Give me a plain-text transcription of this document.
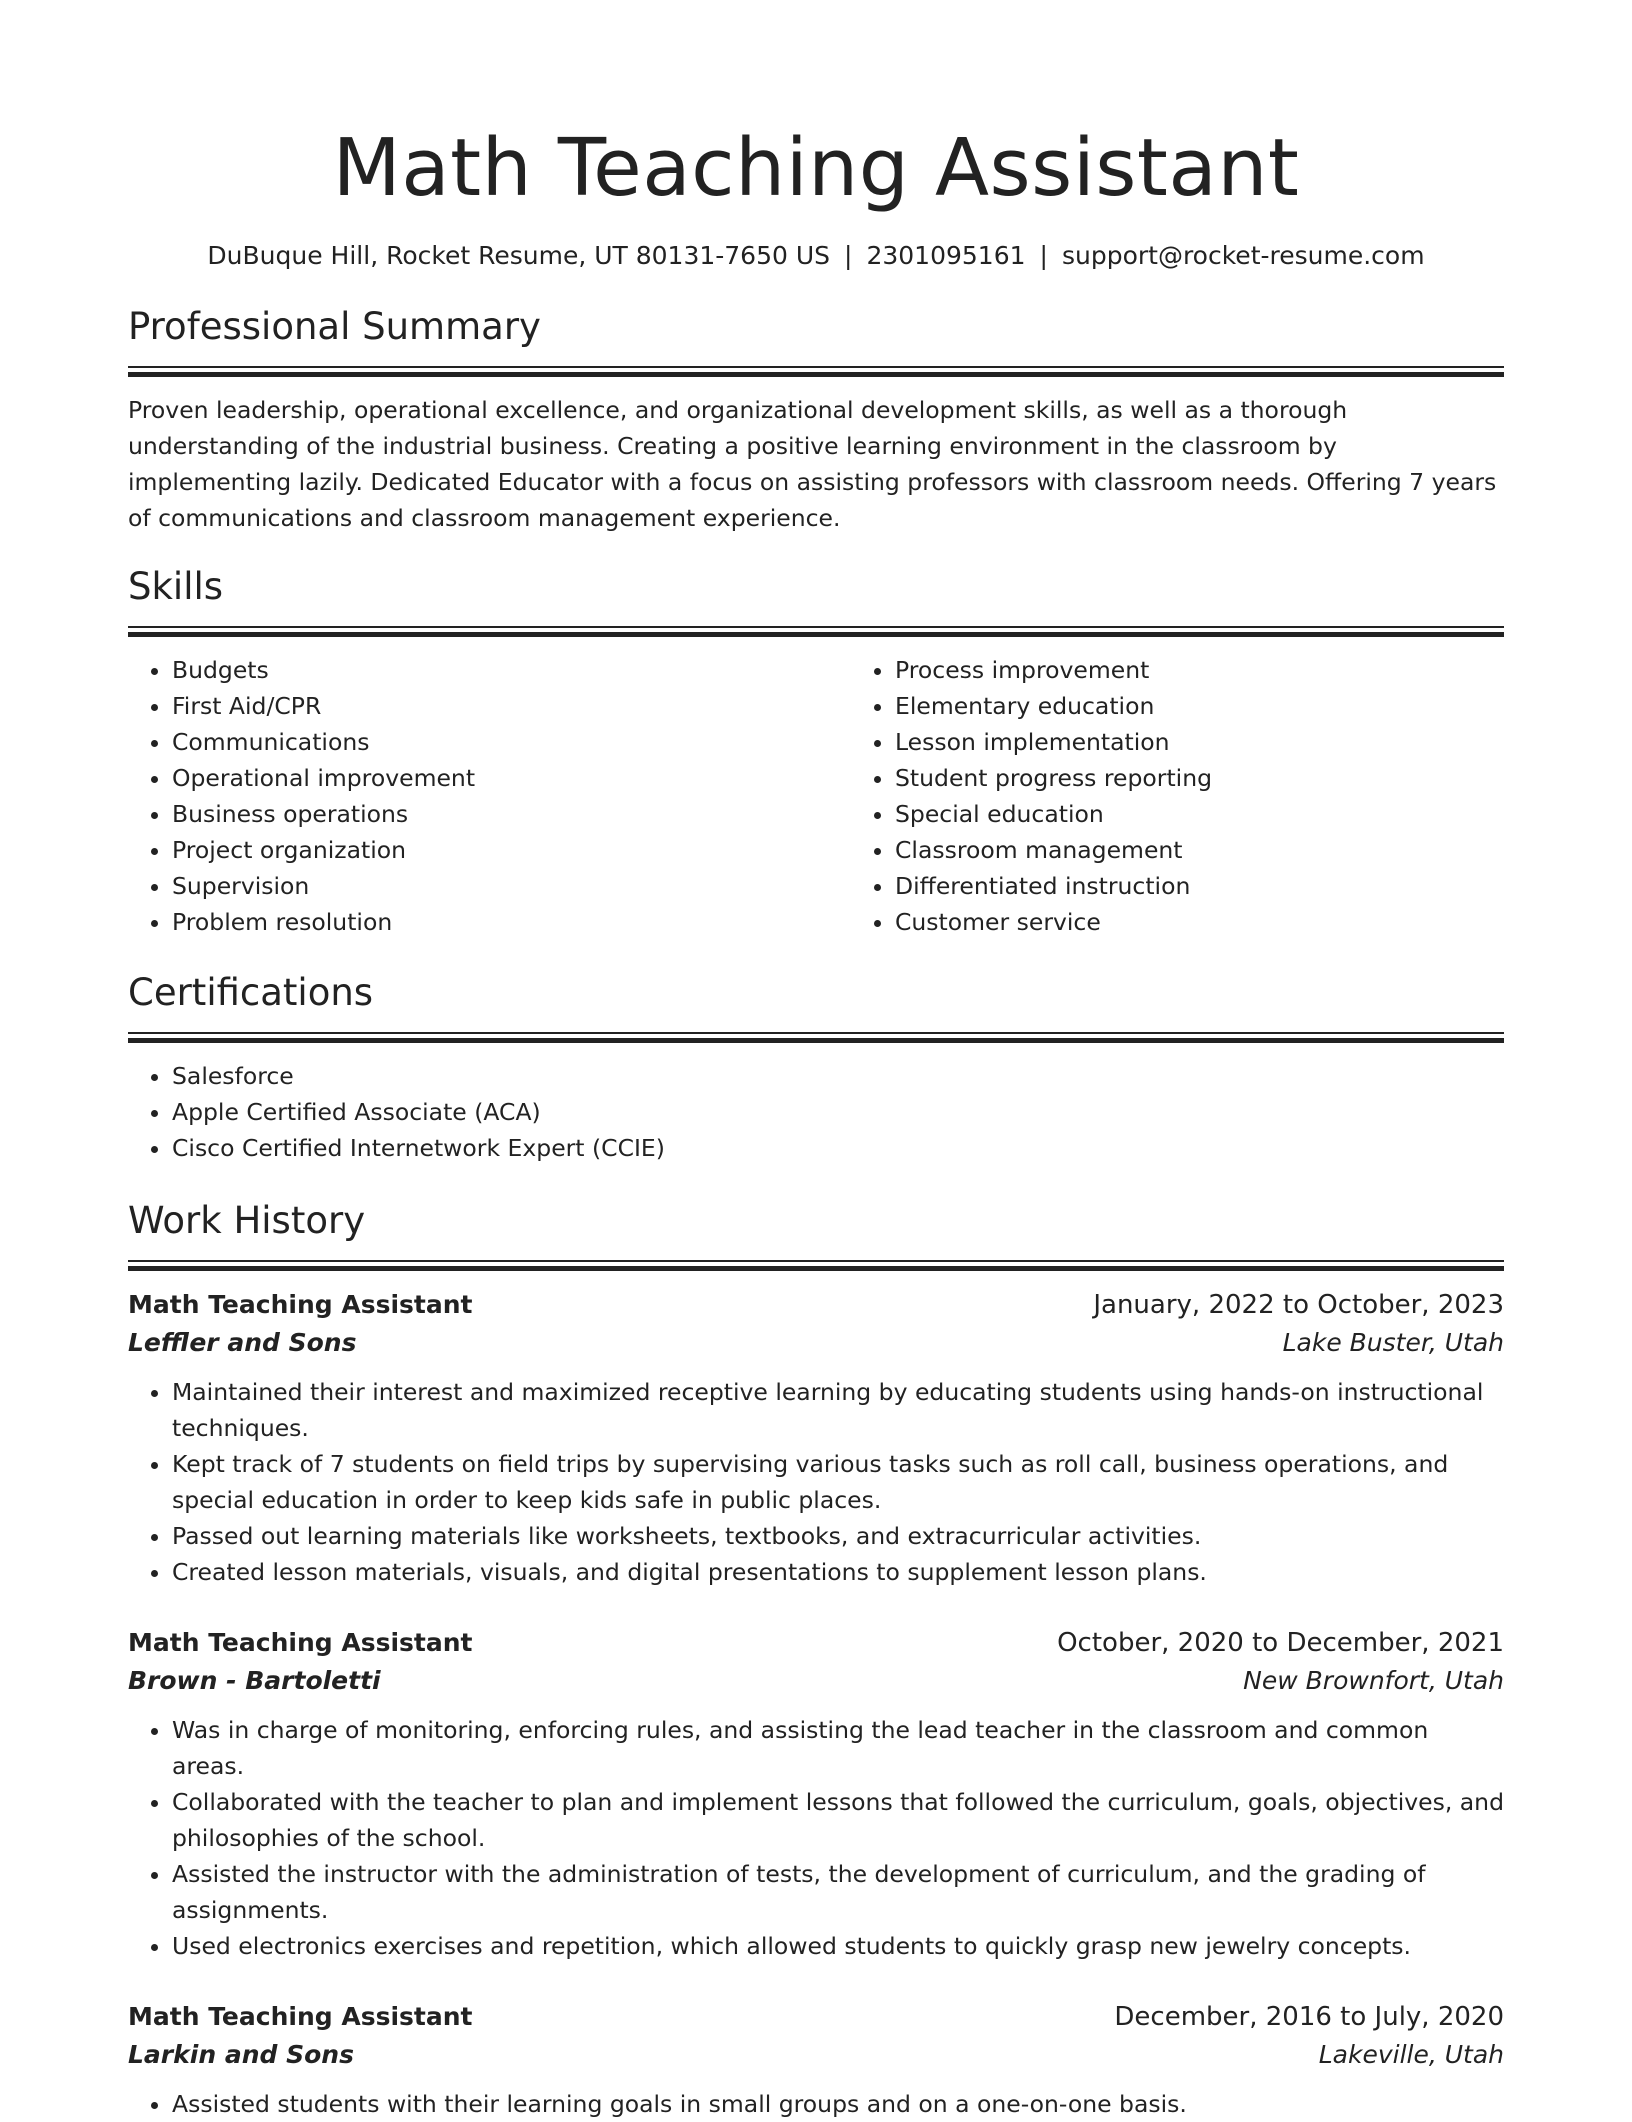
Math Teaching Assistant
DuBuque Hill, Rocket Resume, UT 80131-7650 US | 2301095161 | support@rocket-resume.com
Professional Summary
Proven leadership, operational excellence, and organizational development skills, as well as a thorough understanding of the industrial business. Creating a positive learning environment in the classroom by implementing lazily. Dedicated Educator with a focus on assisting professors with classroom needs. Offering 7 years of communications and classroom management experience.
Skills
• Budgets
• First Aid/CPR
• Communications
• Operational improvement
• Business operations
• Project organization
• Supervision
• Problem resolution
• Process improvement
• Elementary education
• Lesson implementation
• Student progress reporting
• Special education
• Classroom management
• Differentiated instruction
• Customer service
Certifications
• Salesforce
• Apple Certified Associate (ACA)
• Cisco Certified Internetwork Expert (CCIE)
Work History
Math Teaching Assistant	January, 2022 to October, 2023
Leffler and Sons	Lake Buster, Utah
• Maintained their interest and maximized receptive learning by educating students using hands-on instructional techniques.
• Kept track of 7 students on field trips by supervising various tasks such as roll call, business operations, and special education in order to keep kids safe in public places.
• Passed out learning materials like worksheets, textbooks, and extracurricular activities.
• Created lesson materials, visuals, and digital presentations to supplement lesson plans.
Math Teaching Assistant	October, 2020 to December, 2021
Brown - Bartoletti	New Brownfort, Utah
• Was in charge of monitoring, enforcing rules, and assisting the lead teacher in the classroom and common areas.
• Collaborated with the teacher to plan and implement lessons that followed the curriculum, goals, objectives, and philosophies of the school.
• Assisted the instructor with the administration of tests, the development of curriculum, and the grading of assignments.
• Used electronics exercises and repetition, which allowed students to quickly grasp new jewelry concepts.
Math Teaching Assistant	December, 2016 to July, 2020
Larkin and Sons	Lakeville, Utah
• Assisted students with their learning goals in small groups and on a one-on-one basis.
